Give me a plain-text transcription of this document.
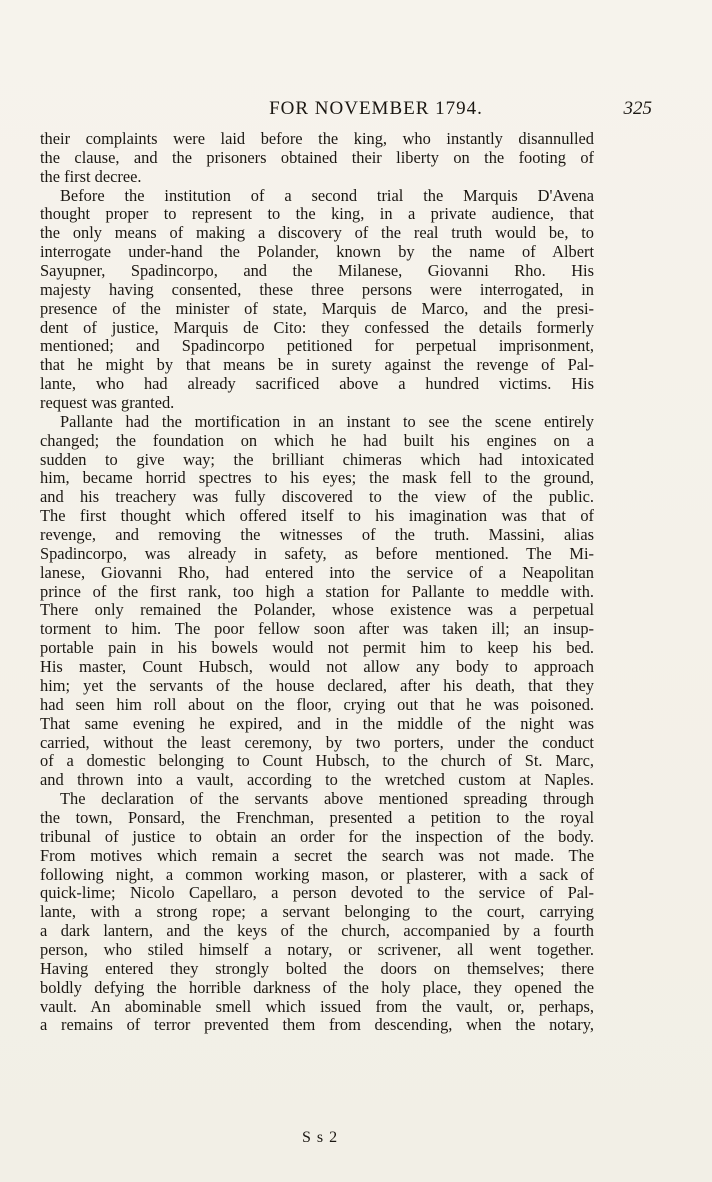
FOR NOVEMBER 1794.	325
their complaints were laid before the king, who instantly disannulled
the clause, and the prisoners obtained their liberty on the footing of
the first decree.
Before the institution of a second trial the Marquis D'Avena
thought proper to represent to the king, in a private audience, that
the only means of making a discovery of the real truth would be, to
interrogate under-hand the Polander, known by the name of Albert
Sayupner, Spadincorpo, and the Milanese, Giovanni Rho. His
majesty having consented, these three persons were interrogated, in
presence of the minister of state, Marquis de Marco, and the presi-
dent of justice, Marquis de Cito: they confessed the details formerly
mentioned; and Spadincorpo petitioned for perpetual imprisonment,
that he might by that means be in surety against the revenge of Pal-
lante, who had already sacrificed above a hundred victims. His
request was granted.
Pallante had the mortification in an instant to see the scene entirely
changed; the foundation on which he had built his engines on a
sudden to give way; the brilliant chimeras which had intoxicated
him, became horrid spectres to his eyes; the mask fell to the ground,
and his treachery was fully discovered to the view of the public.
The first thought which offered itself to his imagination was that of
revenge, and removing the witnesses of the truth. Massini, alias
Spadincorpo, was already in safety, as before mentioned. The Mi-
lanese, Giovanni Rho, had entered into the service of a Neapolitan
prince of the first rank, too high a station for Pallante to meddle with.
There only remained the Polander, whose existence was a perpetual
torment to him. The poor fellow soon after was taken ill; an insup-
portable pain in his bowels would not permit him to keep his bed.
His master, Count Hubsch, would not allow any body to approach
him; yet the servants of the house declared, after his death, that they
had seen him roll about on the floor, crying out that he was poisoned.
That same evening he expired, and in the middle of the night was
carried, without the least ceremony, by two porters, under the conduct
of a domestic belonging to Count Hubsch, to the church of St. Marc,
and thrown into a vault, according to the wretched custom at Naples.
The declaration of the servants above mentioned spreading through
the town, Ponsard, the Frenchman, presented a petition to the royal
tribunal of justice to obtain an order for the inspection of the body.
From motives which remain a secret the search was not made. The
following night, a common working mason, or plasterer, with a sack of
quick-lime; Nicolo Capellaro, a person devoted to the service of Pal-
lante, with a strong rope; a servant belonging to the court, carrying
a dark lantern, and the keys of the church, accompanied by a fourth
person, who stiled himself a notary, or scrivener, all went together.
Having entered they strongly bolted the doors on themselves; there
boldly defying the horrible darkness of the holy place, they opened the
vault. An abominable smell which issued from the vault, or, perhaps,
a remains of terror prevented them from descending, when the notary,
S s 2
